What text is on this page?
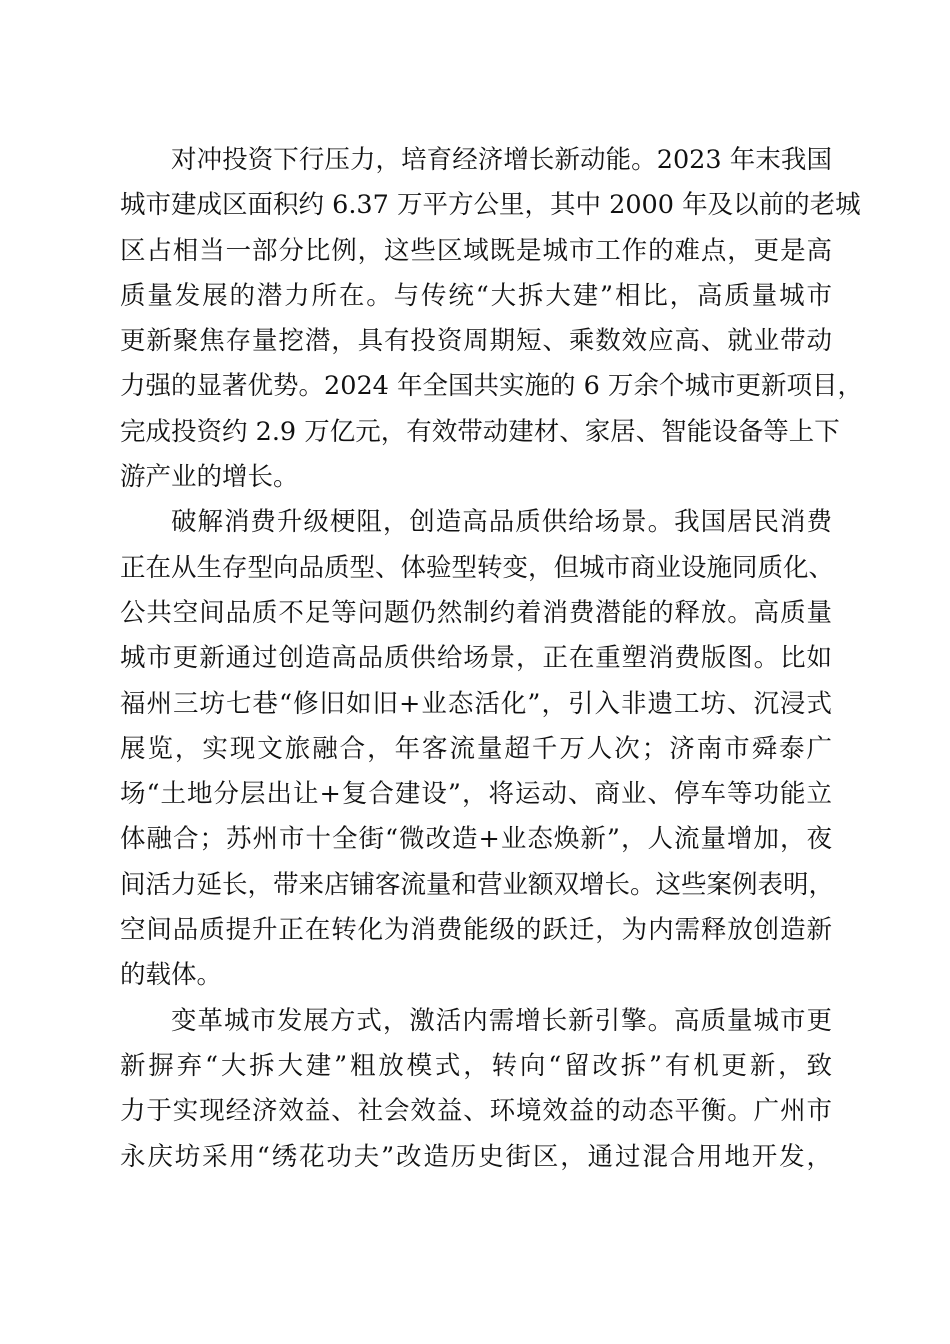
对冲投资下行压力，培育经济增长新动能。2023 年末我国
城市建成区面积约 6.37 万平方公里，其中 2000 年及以前的老城
区占相当一部分比例，这些区域既是城市工作的难点，更是高
质量发展的潜力所在。与传统“大拆大建”相比，高质量城市
更新聚焦存量挖潜，具有投资周期短、乘数效应高、就业带动
力强的显著优势。2024 年全国共实施的 6 万余个城市更新项目，
完成投资约 2.9 万亿元，有效带动建材、家居、智能设备等上下
游产业的增长。
破解消费升级梗阻，创造高品质供给场景。我国居民消费
正在从生存型向品质型、体验型转变，但城市商业设施同质化、
公共空间品质不足等问题仍然制约着消费潜能的释放。高质量
城市更新通过创造高品质供给场景，正在重塑消费版图。比如
福州三坊七巷“修旧如旧+业态活化”，引入非遗工坊、沉浸式
展览，实现文旅融合，年客流量超千万人次；济南市舜泰广
场“土地分层出让+复合建设”，将运动、商业、停车等功能立
体融合；苏州市十全街“微改造+业态焕新”，人流量增加，夜
间活力延长，带来店铺客流量和营业额双增长。这些案例表明，
空间品质提升正在转化为消费能级的跃迁，为内需释放创造新
的载体。
变革城市发展方式，激活内需增长新引擎。高质量城市更
新摒弃“大拆大建”粗放模式，转向“留改拆”有机更新，致
力于实现经济效益、社会效益、环境效益的动态平衡。广州市
永庆坊采用“绣花功夫”改造历史街区，通过混合用地开发，
